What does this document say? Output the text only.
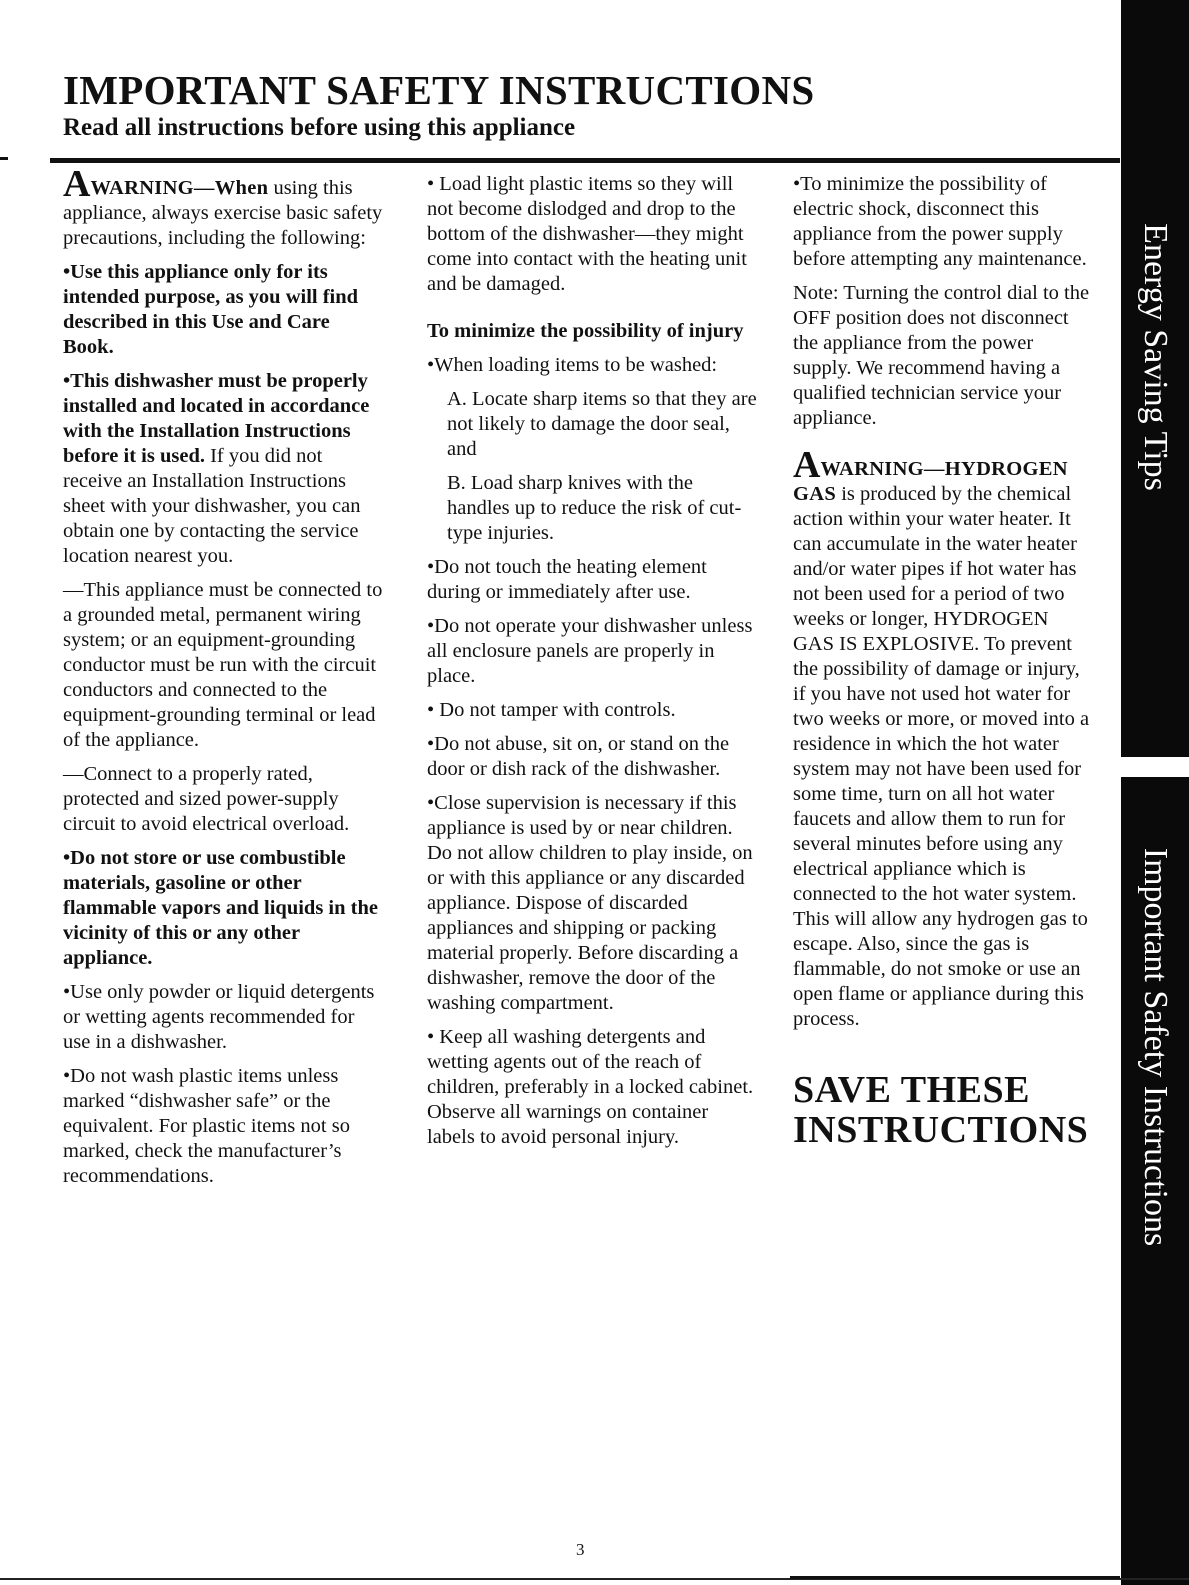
IMPORTANT SAFETY INSTRUCTIONS
Read all instructions before using this appliance

AWARNING—When using this appliance, always exercise basic safety precautions, including the following:

•Use this appliance only for its intended purpose, as you will find described in this Use and Care Book.

•This dishwasher must be properly installed and located in accordance with the Installation Instructions before it is used. If you did not receive an Installation Instructions sheet with your dishwasher, you can obtain one by contacting the service location nearest you.

—This appliance must be connected to a grounded metal, permanent wiring system; or an equipment-grounding conductor must be run with the circuit conductors and connected to the equipment-grounding terminal or lead of the appliance.

—Connect to a properly rated, protected and sized power-supply circuit to avoid electrical overload.

•Do not store or use combustible materials, gasoline or other flammable vapors and liquids in the vicinity of this or any other appliance.

•Use only powder or liquid detergents or wetting agents recommended for use in a dishwasher.

•Do not wash plastic items unless marked “dishwasher safe” or the equivalent. For plastic items not so marked, check the manufacturer’s recommendations.

• Load light plastic items so they will not become dislodged and drop to the bottom of the dishwasher—they might come into contact with the heating unit and be damaged.

To minimize the possibility of injury

•When loading items to be washed:

A. Locate sharp items so that they are not likely to damage the door seal, and

B. Load sharp knives with the handles up to reduce the risk of cut-type injuries.

•Do not touch the heating element during or immediately after use.

•Do not operate your dishwasher unless all enclosure panels are properly in place.

• Do not tamper with controls.

•Do not abuse, sit on, or stand on the door or dish rack of the dishwasher.

•Close supervision is necessary if this appliance is used by or near children. Do not allow children to play inside, on or with this appliance or any discarded appliance. Dispose of discarded appliances and shipping or packing material properly. Before discarding a dishwasher, remove the door of the washing compartment.

• Keep all washing detergents and wetting agents out of the reach of children, preferably in a locked cabinet. Observe all warnings on container labels to avoid personal injury.

•To minimize the possibility of electric shock, disconnect this appliance from the power supply before attempting any maintenance.

Note: Turning the control dial to the OFF position does not disconnect the appliance from the power supply. We recommend having a qualified technician service your appliance.

AWARNING—HYDROGEN GAS is produced by the chemical action within your water heater. It can accumulate in the water heater and/or water pipes if hot water has not been used for a period of two weeks or longer, HYDROGEN GAS IS EXPLOSIVE. To prevent the possibility of damage or injury, if you have not used hot water for two weeks or more, or moved into a residence in which the hot water system may not have been used for some time, turn on all hot water faucets and allow them to run for several minutes before using any electrical appliance which is connected to the hot water system. This will allow any hydrogen gas to escape. Also, since the gas is flammable, do not smoke or use an open flame or appliance during this process.

SAVE THESE INSTRUCTIONS

Energy Saving Tips
Important Safety Instructions
3
